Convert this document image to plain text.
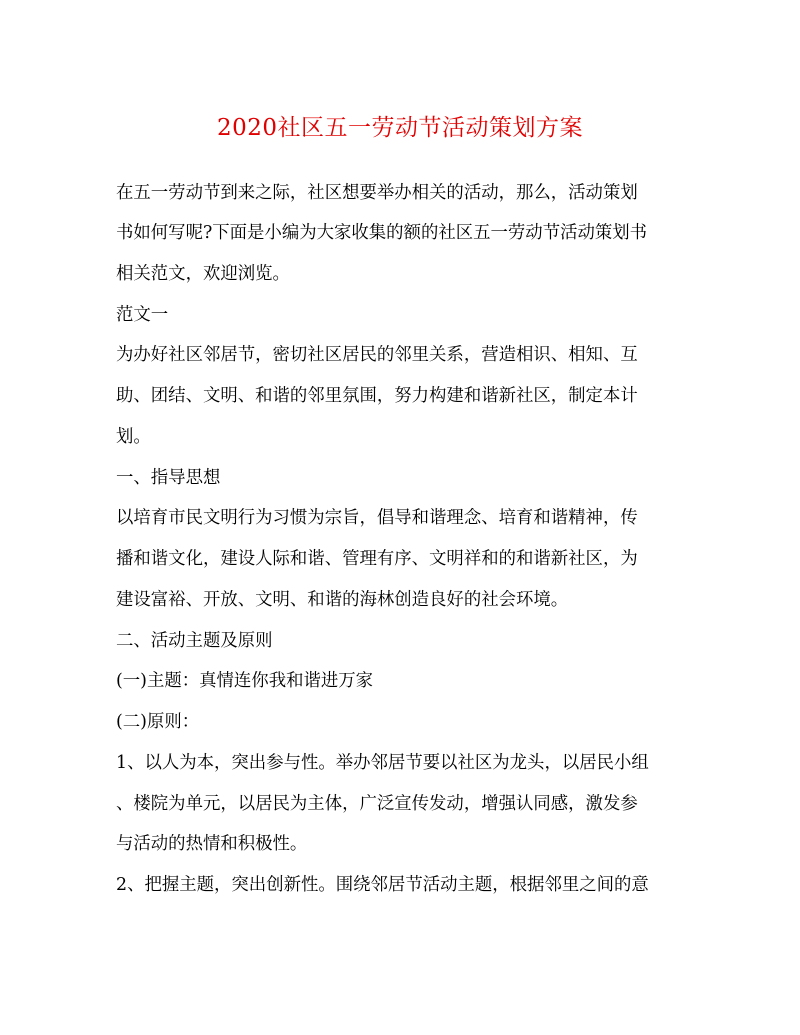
2020社区五一劳动节活动策划方案
在五一劳动节到来之际，社区想要举办相关的活动，那么，活动策划
书如何写呢?下面是小编为大家收集的额的社区五一劳动节活动策划书
相关范文，欢迎浏览。
范文一
为办好社区邻居节，密切社区居民的邻里关系，营造相识、相知、互
助、团结、文明、和谐的邻里氛围，努力构建和谐新社区，制定本计
划。
一、指导思想
以培育市民文明行为习惯为宗旨，倡导和谐理念、培育和谐精神，传
播和谐文化，建设人际和谐、管理有序、文明祥和的和谐新社区，为
建设富裕、开放、文明、和谐的海林创造良好的社会环境。
二、活动主题及原则
(一)主题：真情连你我和谐进万家
(二)原则：
1、以人为本，突出参与性。举办邻居节要以社区为龙头，以居民小组
、楼院为单元，以居民为主体，广泛宣传发动，增强认同感，激发参
与活动的热情和积极性。
2、把握主题，突出创新性。围绕邻居节活动主题，根据邻里之间的意
